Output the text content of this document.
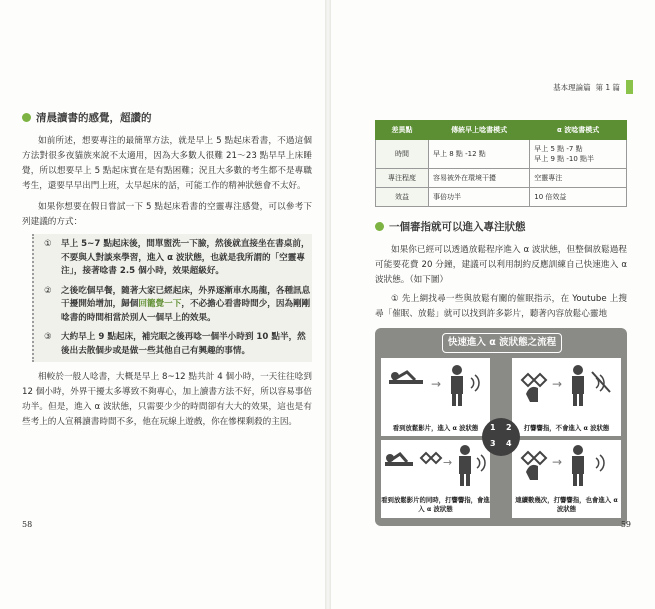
基本理論篇
第 1 篇
清晨讀書的感覺，超讚的

如前所述，想要專注的最簡單方法，就是早上 5 點起床看書，不過這個方法對很多夜貓族來說不太適用，因為大多數人很難 21～23 點早早上床睡覺，所以想要早上 5 點起床實在是有點困難；況且大多數的考生都不是專職考生，還要早早出門上班，太早起床的話，可能工作的精神狀態會不太好。

如果你想要在假日嘗試一下 5 點起床看書的空靈專注感覺，可以參考下列建議的方式：

①	早上 5~7 點起床後，間單盥洗一下臉，然後就直接坐在書桌前，不要與人對談來學習，進入 α 波狀態，也就是我所謂的「空靈專注」，接著唸書 2.5 個小時，效果超級好。
②	之後吃個早餐，隨著大家已經起床，外界逐漸車水馬龍，各種訊息干擾開始增加，歸個回籠覺一下，不必擔心看書時間少，因為剛剛唸書的時間相當於別人一個早上的效果。
③	大約早上 9 點起床，補完眠之後再唸一個半小時到 10 點半，然後出去散個步或是做一些其他自己有興趣的事情。

相較於一般人唸書，大概是早上 8~12 點共計 4 個小時，一天往往唸到 12 個小時，外界干擾太多導致不夠專心，加上讀書方法不好，所以容易事倍功半。但是，進入 α 波狀態，只需要少少的時間卻有大大的效果，這也是有些考上的人宣稱讀書時間不多，他在玩線上遊戲，你在慘棵剩殺的主因。

58
差異點	傳統早上唸書模式	α 波唸書模式
時間	早上 8 點 -12 點	早上 5 點 -7 點
早上 9 點 -10 點半
專注程度	容易被外在環境干擾	空靈專注
效益	事倍功半	10 倍效益
一個審指就可以進入專注狀態

如果你已經可以透過放鬆程序進入 α 波狀態，但整個放鬆過程可能要花費 20 分鐘，建議可以利用制約反應訓練自己快速進入 α 波狀態。（如下圖）

① 先上網找尋一些與放鬆有關的催眠指示，在 Youtube 上搜尋「催眠、放鬆」就可以找到許多影片，聽著內容放鬆心靈地

快速進入 α 波狀態之流程
→
看到放鬆影片，進入 α 波狀態
→
打響響指，不會進入 α 波狀態
→
看到放鬆影片的同時，打響響指，會進入 α 波狀態
→
連續數幾次，打響響指，也會進入 α 波狀態
1 2
3 4
59
